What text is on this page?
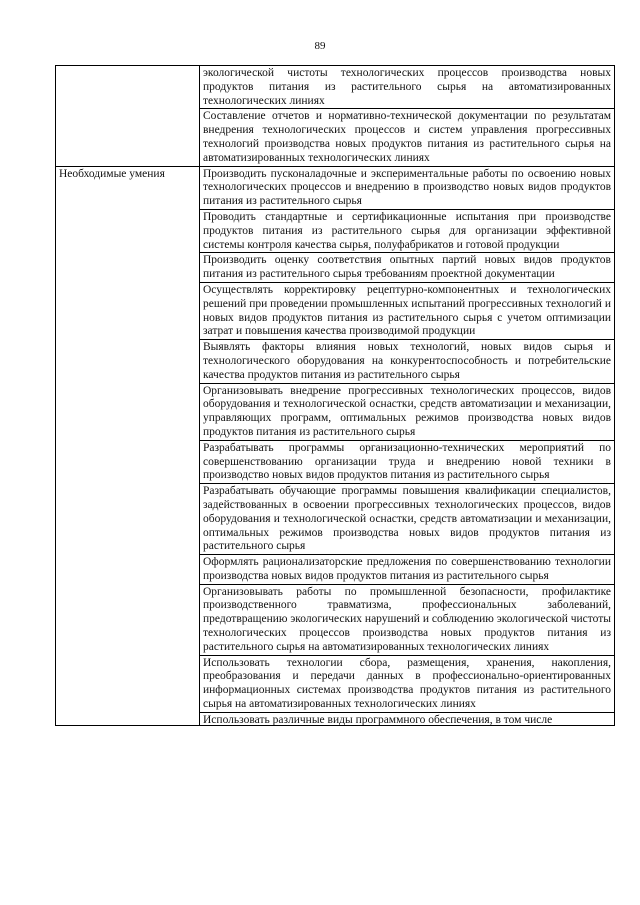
89
	экологической чистоты технологических процессов производства новых продуктов питания из растительного сырья на автоматизированных технологических линиях
	Составление отчетов и нормативно-технической документации по результатам внедрения технологических процессов и систем управления прогрессивных технологий производства новых продуктов питания из растительного сырья на автоматизированных технологических линиях
Необходимые умения	Производить пусконаладочные и экспериментальные работы по освоению новых технологических процессов и внедрению в производство новых видов продуктов питания из растительного сырья
	Проводить стандартные и сертификационные испытания при производстве продуктов питания из растительного сырья для организации эффективной системы контроля качества сырья, полуфабрикатов и готовой продукции
	Производить оценку соответствия опытных партий новых видов продуктов питания из растительного сырья требованиям проектной документации
	Осуществлять корректировку рецептурно-компонентных и технологических решений при проведении промышленных испытаний прогрессивных технологий и новых видов продуктов питания из растительного сырья с учетом оптимизации затрат и повышения качества производимой продукции
	Выявлять факторы влияния новых технологий, новых видов сырья и технологического оборудования на конкурентоспособность и потребительские качества продуктов питания из растительного сырья
	Организовывать внедрение прогрессивных технологических процессов, видов оборудования и технологической оснастки, средств автоматизации и механизации, управляющих программ, оптимальных режимов производства новых видов продуктов питания из растительного сырья
	Разрабатывать программы организационно-технических мероприятий по совершенствованию организации труда и внедрению новой техники в производство новых видов продуктов питания из растительного сырья
	Разрабатывать обучающие программы повышения квалификации специалистов, задействованных в освоении прогрессивных технологических процессов, видов оборудования и технологической оснастки, средств автоматизации и механизации, оптимальных режимов производства новых видов продуктов питания из растительного сырья
	Оформлять рационализаторские предложения по совершенствованию технологии производства новых видов продуктов питания из растительного сырья
	Организовывать работы по промышленной безопасности, профилактике производственного травматизма, профессиональных заболеваний, предотвращению экологических нарушений и соблюдению экологической чистоты технологических процессов производства новых продуктов питания из растительного сырья на автоматизированных технологических линиях
	Использовать технологии сбора, размещения, хранения, накопления, преобразования и передачи данных в профессионально-ориентированных информационных системах производства продуктов питания из растительного сырья на автоматизированных технологических линиях

	Использовать различные виды программного обеспечения, в том числе
